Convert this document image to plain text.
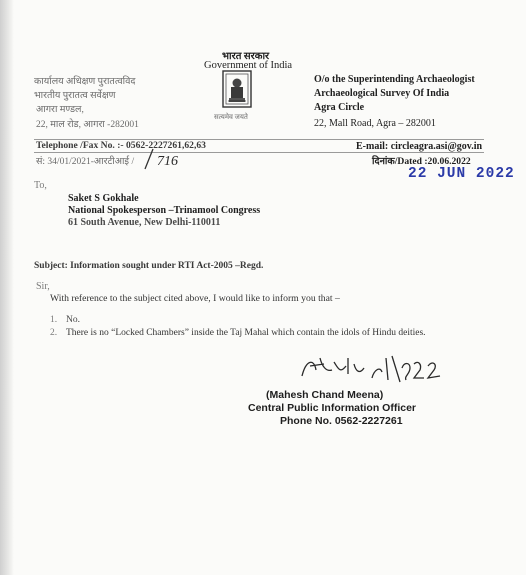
भारत सरकार
Government of India
सत्यमेव जयते
कार्यालय अधिक्षण पुरातत्वविद
भारतीय पुरातत्व सर्वेक्षण
आगरा मण्डल,
22, माल रोड, आगरा -282001
O/o the Superintending Archaeologist
Archaeological Survey Of India
Agra Circle
22, Mall Road, Agra – 282001
Telephone /Fax No. :- 0562-2227261,62,63	E-mail: circleagra.asi@gov.in
सं: 34/01/2021-आरटीआई / 716	दिनांक/Dated :20.06.2022
22 JUN 2022
To,
Saket S Gokhale
National Spokesperson –Trinamool Congress
61 South Avenue, New Delhi-110011
Subject: Information sought under RTI Act-2005 –Regd.
Sir,
With reference to the subject cited above, I would like to inform you that –
1. No.
2. There is no “Locked Chambers” inside the Taj Mahal which contain the idols of Hindu deities.
(Mahesh Chand Meena)
Central Public Information Officer
Phone No. 0562-2227261
